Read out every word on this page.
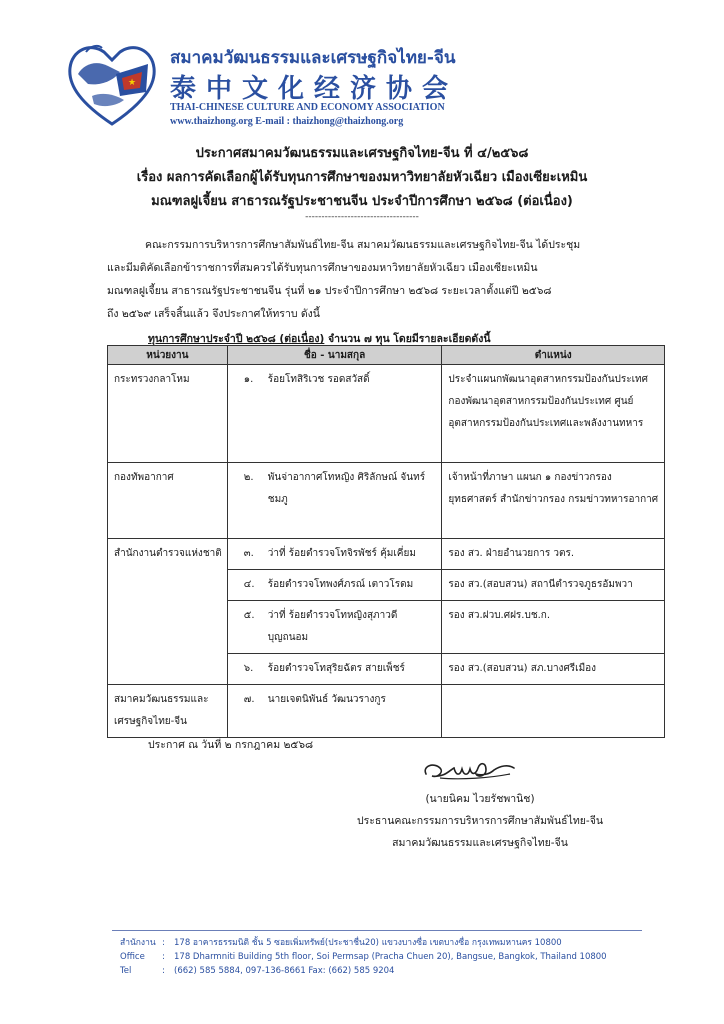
★
สมาคมวัฒนธรรมและเศรษฐกิจไทย-จีน
泰中文化经济协会
THAI-CHINESE CULTURE AND ECONOMY ASSOCIATION
www.thaizhong.org E-mail : thaizhong@thaizhong.org
ประกาศสมาคมวัฒนธรรมและเศรษฐกิจไทย-จีน ที่ ๔/๒๕๖๘
เรื่อง ผลการคัดเลือกผู้ได้รับทุนการศึกษาของมหาวิทยาลัยหัวเฉียว เมืองเซียะเหมิน
มณฑลฝูเจี้ยน สาธารณรัฐประชาชนจีน ประจำปีการศึกษา ๒๕๖๘ (ต่อเนื่อง)
-----------------------------------
คณะกรรมการบริหารการศึกษาสัมพันธ์ไทย-จีน สมาคมวัฒนธรรมและเศรษฐกิจไทย-จีน ได้ประชุม
และมีมติคัดเลือกข้าราชการที่สมควรได้รับทุนการศึกษาของมหาวิทยาลัยหัวเฉียว เมืองเซียะเหมิน
มณฑลฝูเจี้ยน สาธารณรัฐประชาชนจีน รุ่นที่ ๒๑ ประจำปีการศึกษา ๒๕๖๘ ระยะเวลาตั้งแต่ปี ๒๕๖๘
ถึง ๒๕๖๙ เสร็จสิ้นแล้ว จึงประกาศให้ทราบ ดังนี้
ทุนการศึกษาประจำปี ๒๕๖๘ (ต่อเนื่อง) จำนวน ๗ ทุน โดยมีรายละเอียดดังนี้
หน่วยงาน	ชื่อ - นามสกุล	ตำแหน่ง
กระทรวงกลาโหม	๑. ร้อยโทสิริเวช รอดสวัสดิ์	ประจำแผนกพัฒนาอุตสาหกรรมป้องกันประเทศ กองพัฒนาอุตสาหกรรมป้องกันประเทศ ศูนย์อุตสาหกรรมป้องกันประเทศและพลังงานทหาร
กองทัพอากาศ	๒. พันจ่าอากาศโทหญิง ศิริลักษณ์ จันทร์ชมภู	เจ้าหน้าที่ภาษา แผนก ๑ กองข่าวกรองยุทธศาสตร์ สำนักข่าวกรอง กรมข่าวทหารอากาศ
สำนักงานตำรวจแห่งชาติ	๓. ว่าที่ ร้อยตำรวจโทจิรพัชร์ คุ้มเคี่ยม	รอง สว. ฝ่ายอำนวยการ วตร.

	๔. ร้อยตำรวจโทพงศ์ภรณ์ เตาวโรดม	รอง สว.(สอบสวน) สถานีตำรวจภูธรอัมพวา

	๕. ว่าที่ ร้อยตำรวจโทหญิงสุภาวดี บุญถนอม	รอง สว.ฝวบ.ศฝร.บช.ก.

	๖. ร้อยตำรวจโทสุริยฉัตร สายเพ็ชร์	รอง สว.(สอบสวน) สภ.บางศรีเมือง
สมาคมวัฒนธรรมและเศรษฐกิจไทย-จีน	๗. นายเจตนิพันธ์ วัฒนวรางกูร	

ประกาศ ณ วันที่ ๒ กรกฎาคม ๒๕๖๘
(นายนิคม ไวยรัชพานิช)
ประธานคณะกรรมการบริหารการศึกษาสัมพันธ์ไทย-จีน
สมาคมวัฒนธรรมและเศรษฐกิจไทย-จีน
สำนักงาน :	178 อาคารธรรมนิติ ชั้น 5 ซอยเพิ่มทรัพย์(ประชาชื่น20) แขวงบางซื่อ เขตบางซื่อ กรุงเทพมหานคร 10800
Office	:	178 Dharmniti Building 5th floor, Soi Permsap (Pracha Chuen 20), Bangsue, Bangkok, Thailand 10800
Tel	:	(662) 585 5884, 097-136-8661 Fax: (662) 585 9204
